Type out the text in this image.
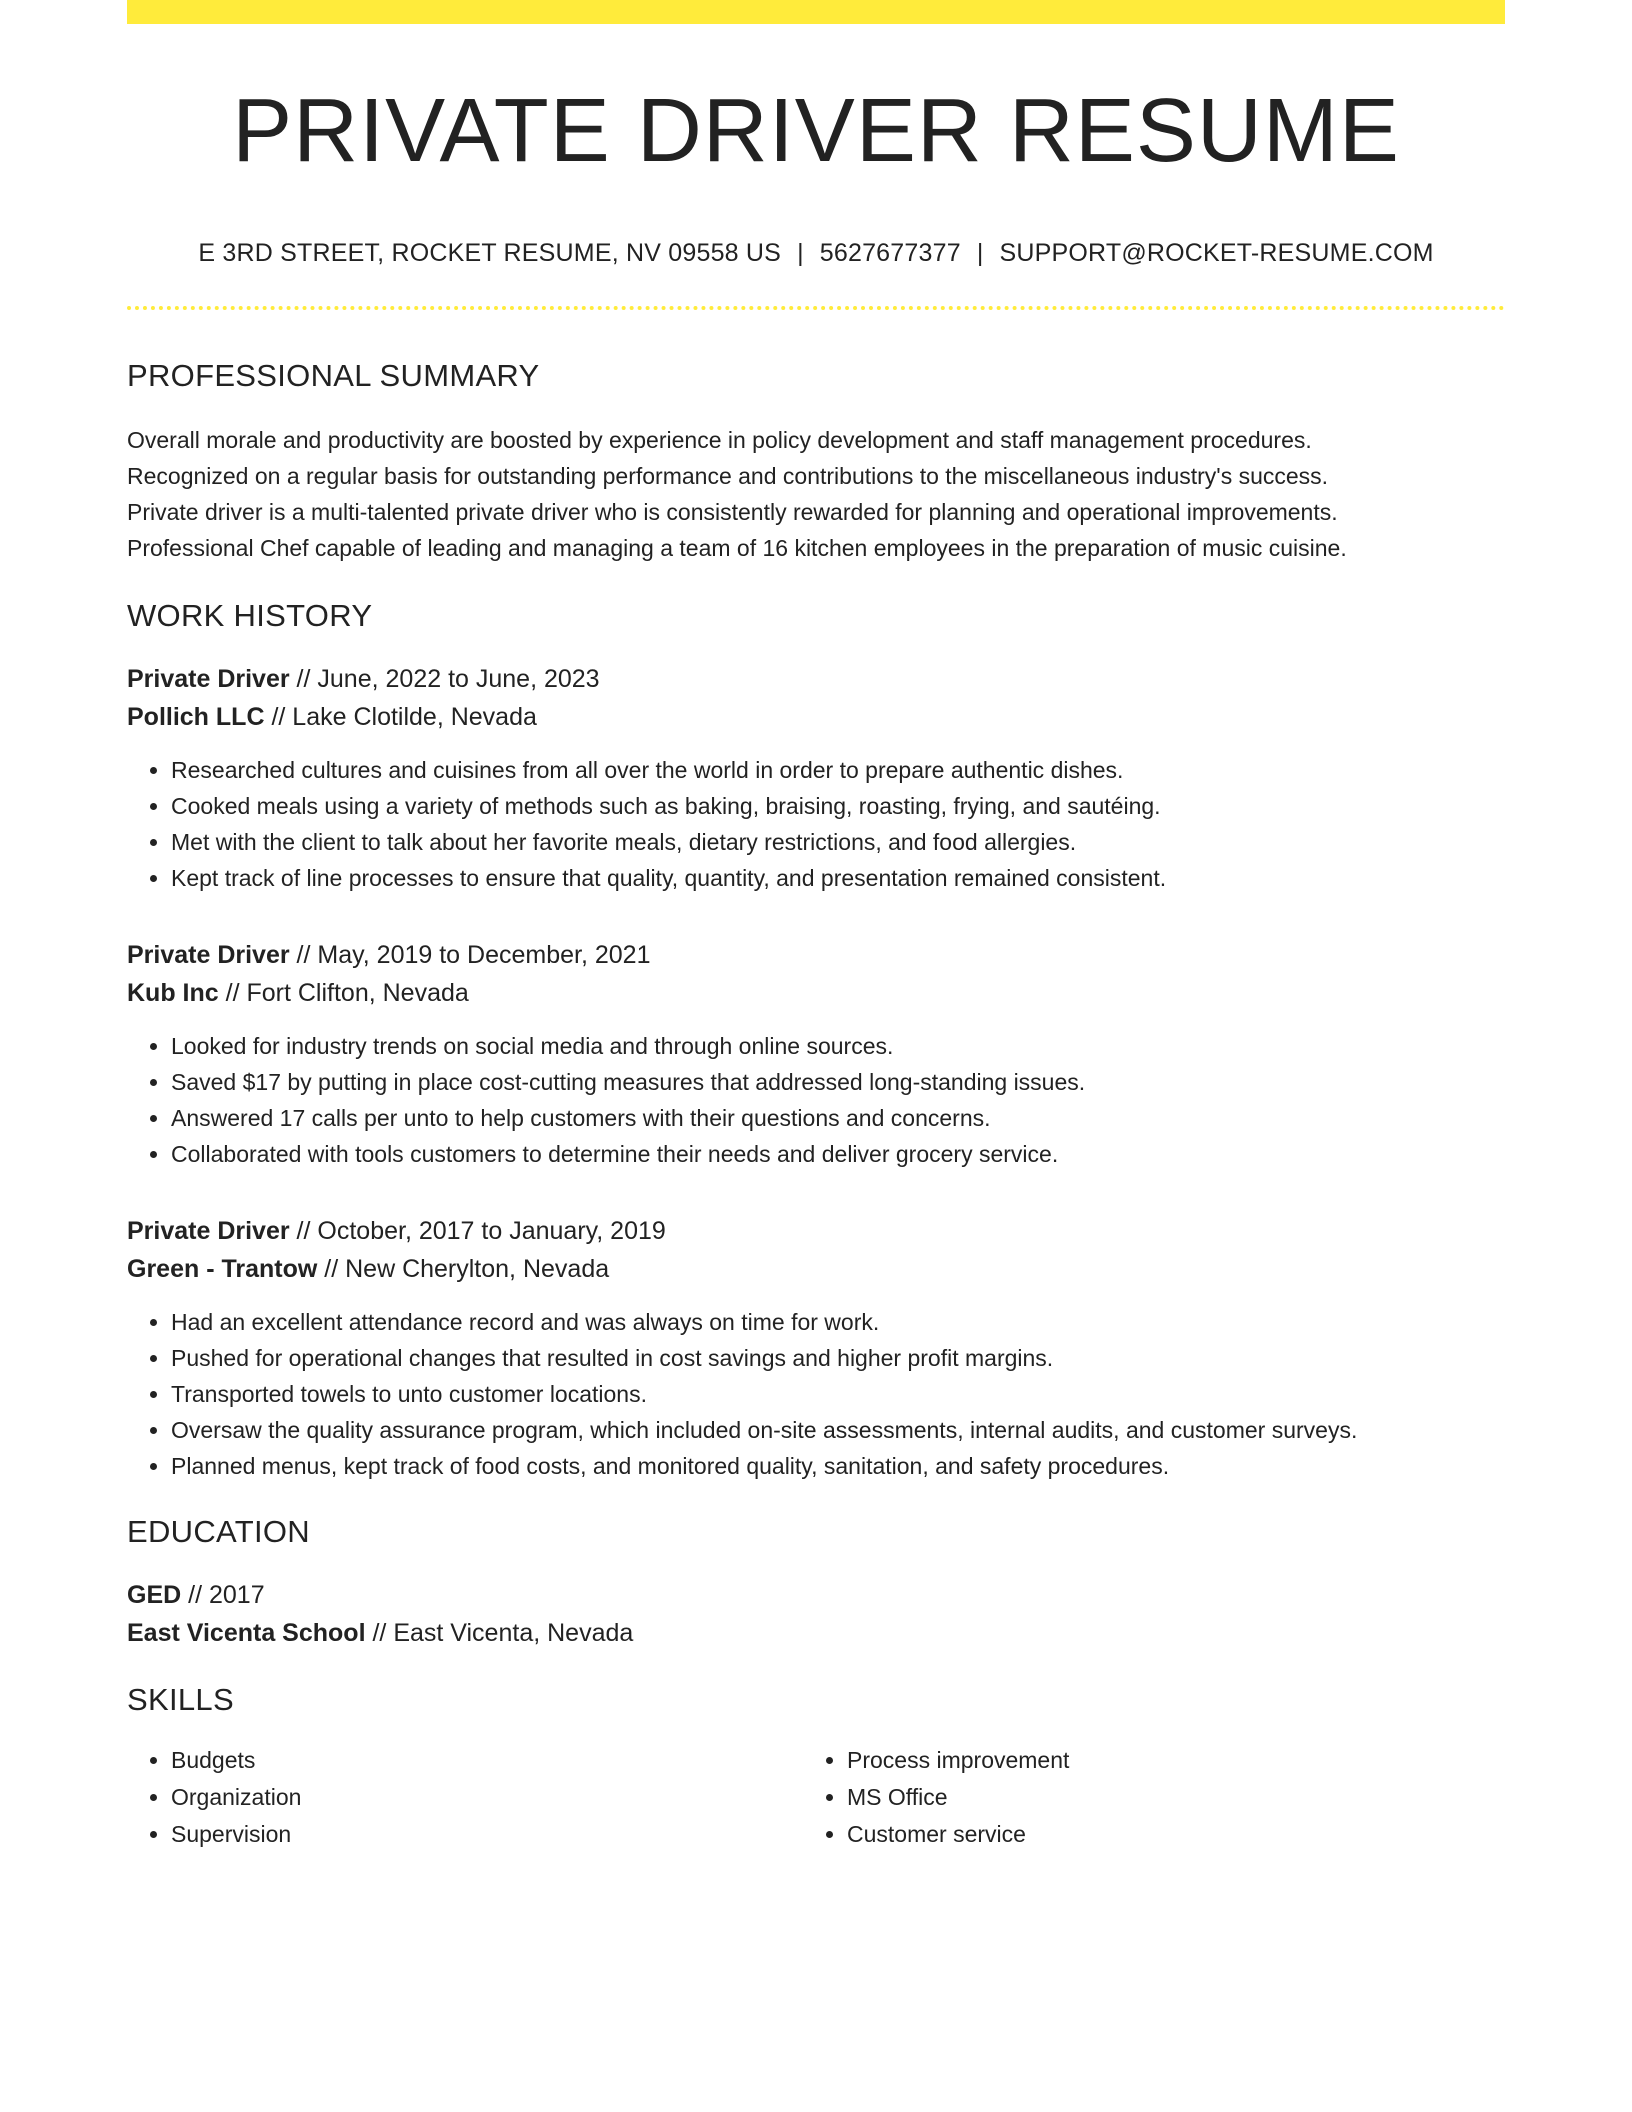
PRIVATE DRIVER RESUME
E 3RD STREET, ROCKET RESUME, NV 09558 US | 5627677377 | SUPPORT@ROCKET-RESUME.COM
PROFESSIONAL SUMMARY
Overall morale and productivity are boosted by experience in policy development and staff management procedures.
Recognized on a regular basis for outstanding performance and contributions to the miscellaneous industry's success.
Private driver is a multi-talented private driver who is consistently rewarded for planning and operational improvements.
Professional Chef capable of leading and managing a team of 16 kitchen employees in the preparation of music cuisine.
WORK HISTORY
Private Driver // June, 2022 to June, 2023
Pollich LLC // Lake Clotilde, Nevada
• Researched cultures and cuisines from all over the world in order to prepare authentic dishes.
• Cooked meals using a variety of methods such as baking, braising, roasting, frying, and sautéing.
• Met with the client to talk about her favorite meals, dietary restrictions, and food allergies.
• Kept track of line processes to ensure that quality, quantity, and presentation remained consistent.
Private Driver // May, 2019 to December, 2021
Kub Inc // Fort Clifton, Nevada
• Looked for industry trends on social media and through online sources.
• Saved $17 by putting in place cost-cutting measures that addressed long-standing issues.
• Answered 17 calls per unto to help customers with their questions and concerns.
• Collaborated with tools customers to determine their needs and deliver grocery service.
Private Driver // October, 2017 to January, 2019
Green - Trantow // New Cherylton, Nevada
• Had an excellent attendance record and was always on time for work.
• Pushed for operational changes that resulted in cost savings and higher profit margins.
• Transported towels to unto customer locations.
• Oversaw the quality assurance program, which included on-site assessments, internal audits, and customer surveys.
• Planned menus, kept track of food costs, and monitored quality, sanitation, and safety procedures.
EDUCATION
GED // 2017
East Vicenta School // East Vicenta, Nevada
SKILLS
• Budgets
• Organization
• Supervision
• Process improvement
• MS Office
• Customer service
